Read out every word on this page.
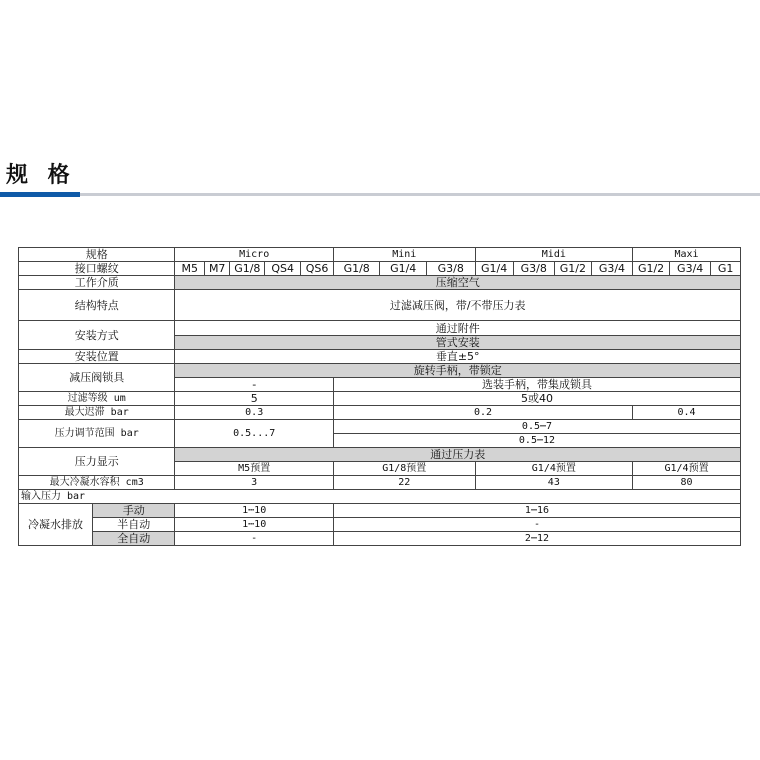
规 格
规格		Micro					Mini			Midi				Maxi		
接口螺纹		M5	M7	G1/8	QS4	QS6	G1/8	G1/4	G3/8	G1/4	G3/8	G1/2	G3/4	G1/2	G3/4	G1
工作介质		压缩空气														
结构特点		过滤减压阀，带/不带压力表														
安装方式		通过附件														
		管式安装														
安装位置		垂直±5°														
减压阀锁具		旋转手柄，带锁定														
		-					选装手柄，带集成锁具									
过滤等级 um		5					5或40									
最大迟滞 bar		0.3					0.2							0.4		
压力调节范围 bar		0.5...7					0.5⋯7									
							0.5⋯12									
压力显示		通过压力表														
		M5预置					G1/8预置			G1/4预置				G1/4预置		
最大冷凝水容积 cm3		3					22			43				80		
输入压力 bar																
冷凝水排放	手动	1⋯10					1⋯16									
	半自动	1⋯10					-									
	全自动	-					2⋯12									
